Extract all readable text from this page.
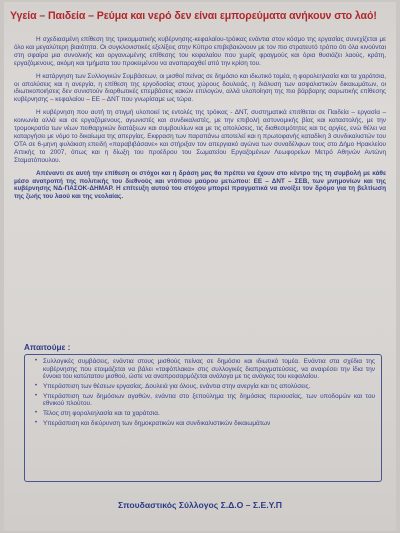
Υγεία – Παιδεία – Ρεύμα και νερό δεν είναι εμπορεύματα ανήκουν στο λαό!

Η σχεδιασμένη επίθεση της τρικομματικής κυβέρνησης-κεφαλαίου-τρόικας ενάντια στον κόσμο της εργασίας συνεχίζεται με όλο και μεγαλύτερη βιαιότητα. Οι συγκλονιστικές εξελίξεις στην Κύπρο επιβεβαιώνουν με τον πιο στρατευτό τρόπο ότι όλα κινούνται στη σφαίρα μια συνολικής και οργανωμένης επίθεσης του κεφαλαίου που χωρίς φραγμούς και όρια θυσιάζει λαούς, κράτη, εργαζόμενους, ακόμη και τμήματα του προκειμένου να αναπαραχθεί από την κρίση του.

Η κατάργηση των Συλλογικών Συμβάσεων, οι μισθοί πείνας σε δημόσιο και ιδιωτικό τομέα, η φορολεηλασία και τα χαράτσια, οι απολύσεις και η ανεργία, η επίθεση της εργοδοσίας στους χώρους δουλειάς, η διάλυση των ασφαλιστικών δικαιωμάτων, οι ιδιωτικοποιήσεις δεν συνιστούν διορθωτικές επεμβάσεις κακών επιλογών, αλλά υλοποίηση της πιο βάρβαρης σαρωτικής επίθεσης κυβέρνησης – κεφαλαίου – ΕΕ – ΔΝΤ που γνωρίσαμε ως τώρα.

Η κυβέρνηση που αυτή τη στιγμή υλοποιεί τις εντολές της τρόικας - ΔΝΤ, συστηματικά επιτίθεται σε Παιδεία – εργασία – κοινωνία αλλά και σε εργαζόμενους, αγωνιστές και συνδικαλιστές, με την επιβολή αστυνομικής βίας και καταστολής, με την τρομοκρατία των νέων πειθαρχικών διατάξεων και συμβουλίων και με τις απολύσεις, τις διαθεσιμότητες και τις αργίες, ενώ θέλει να καταργήσει με νόμο το δικαίωμα της απεργίας. Εκφραση των παραπάνω αποτελεί και η πρωτοφανής καταδίκη 3 συνδικαλιστών του ΟΤΑ σε 6-μηνη φυλάκιση επειδή «παραβιβάσανε» και στήριξαν τον απεργιακό αγώνα των συναδέλφων τους στο Δήμο Ηρακλείου Αττικής το 2007, όπως και η δίωξη του προέδρου του Σωματείου Εργαζομένων Λεωφορείων Μετρό Αθηνών Αντώνη Σταματόπουλου.

Απέναντι σε αυτή την επίθεση οι στόχοι και η δράση μας θα πρέπει να έχουν στο κέντρο της τη συμβολή με κάθε μέσο ανατροπή της πολιτικής του διεθνούς και ντόπιου μαύρου μετώπου: ΕΕ – ΔΝΤ – ΣΕΒ, των μνημονίων και της κυβέρνησης ΝΔ-ΠΑΣΟΚ-ΔΗΜΑΡ. Η επίτευξη αυτού του στόχου μπορεί πραγματικά να ανοίξει τον δρόμο για τη βελτίωση της ζωής του λαού και της νεολαίας.

Απαιτούμε :
• Συλλογικές συμβάσεις, ενάντια στους μισθούς πείνας σε δημόσιο και ιδιωτικό τομέα. Ενάντια στα σχέδια της κυβέρνησης που ετοιμάζεται να βάλει «ταφόπλακα» στις συλλογικές διαπραγματεύσεις, να αναιρέσει την ίδια την έννοια του κατώτατου μισθού, ώστε να αναπροσαρμόζεται ανάλογα με τις ανάγκες του κεφαλαίου.
• Υπεράσπιση των θέσεων εργασίας. Δουλειά για όλους, ενάντια στην ανεργία και τις απολύσεις.
• Υπεράσπιση των δημόσιων αγαθών, ενάντια στο ξεπούλημα της δημόσιας περιουσίας, των υποδομών και του εθνικού πλούτου.
• Τέλος στη φορολεηλασία και τα χαράτσια.
• Υπεράσπιση και διεύρυνση των δημοκρατικών και συνδικαλιστικών δικαιωμάτων
Σπουδαστικός Σύλλογος Σ.Δ.Ο – Σ.Ε.Υ.Π
